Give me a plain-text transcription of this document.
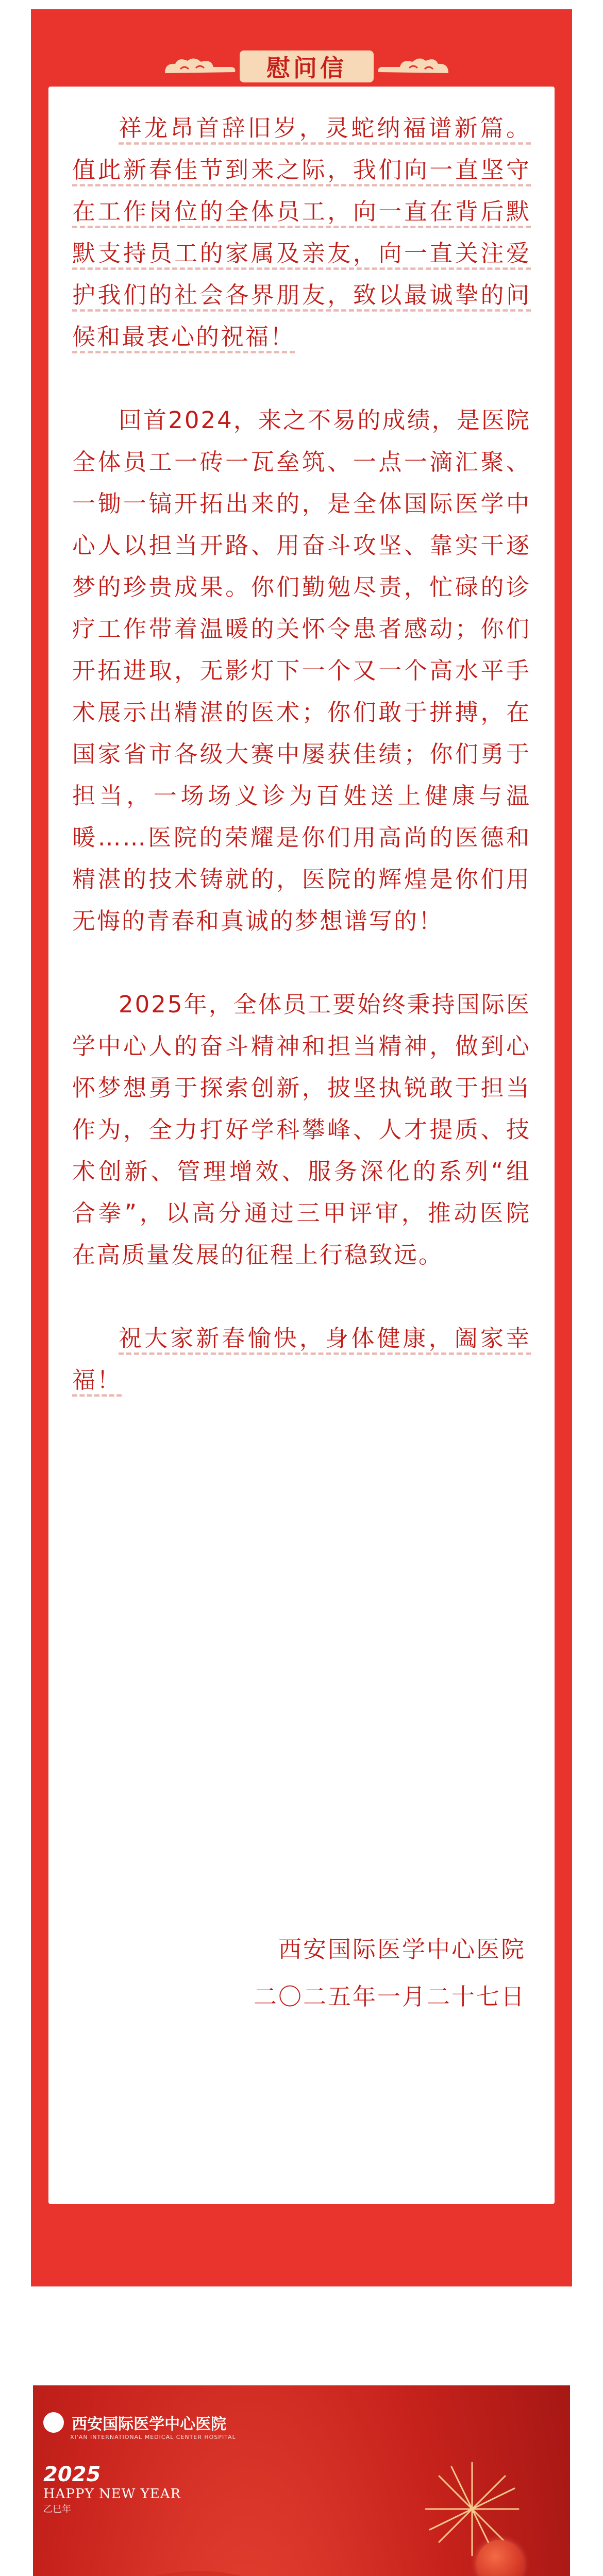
慰问信

祥龙昂首辞旧岁，灵蛇纳福谱新篇。值此新春佳节到来之际，我们向一直坚守在工作岗位的全体员工，向一直在背后默默支持员工的家属及亲友，向一直关注爱护我们的社会各界朋友，致以最诚挚的问候和最衷心的祝福！

回首2024，来之不易的成绩，是医院全体员工一砖一瓦垒筑、一点一滴汇聚、一锄一镐开拓出来的，是全体国际医学中心人以担当开路、用奋斗攻坚、靠实干逐梦的珍贵成果。你们勤勉尽责，忙碌的诊疗工作带着温暖的关怀令患者感动；你们开拓进取，无影灯下一个又一个高水平手术展示出精湛的医术；你们敢于拼搏，在国家省市各级大赛中屡获佳绩；你们勇于担当，一场场义诊为百姓送上健康与温暖……医院的荣耀是你们用高尚的医德和精湛的技术铸就的，医院的辉煌是你们用无悔的青春和真诚的梦想谱写的！

2025年，全体员工要始终秉持国际医学中心人的奋斗精神和担当精神，做到心怀梦想勇于探索创新，披坚执锐敢于担当作为，全力打好学科攀峰、人才提质、技术创新、管理增效、服务深化的系列“组合拳”，以高分通过三甲评审，推动医院在高质量发展的征程上行稳致远。

祝大家新春愉快，身体健康，阖家幸福！

西安国际医学中心医院
二〇二五年一月二十七日
西安国际医学中心医院
XI'AN INTERNATIONAL MEDICAL CENTER HOSPITAL
2025
HAPPY NEW YEAR
乙巳年
